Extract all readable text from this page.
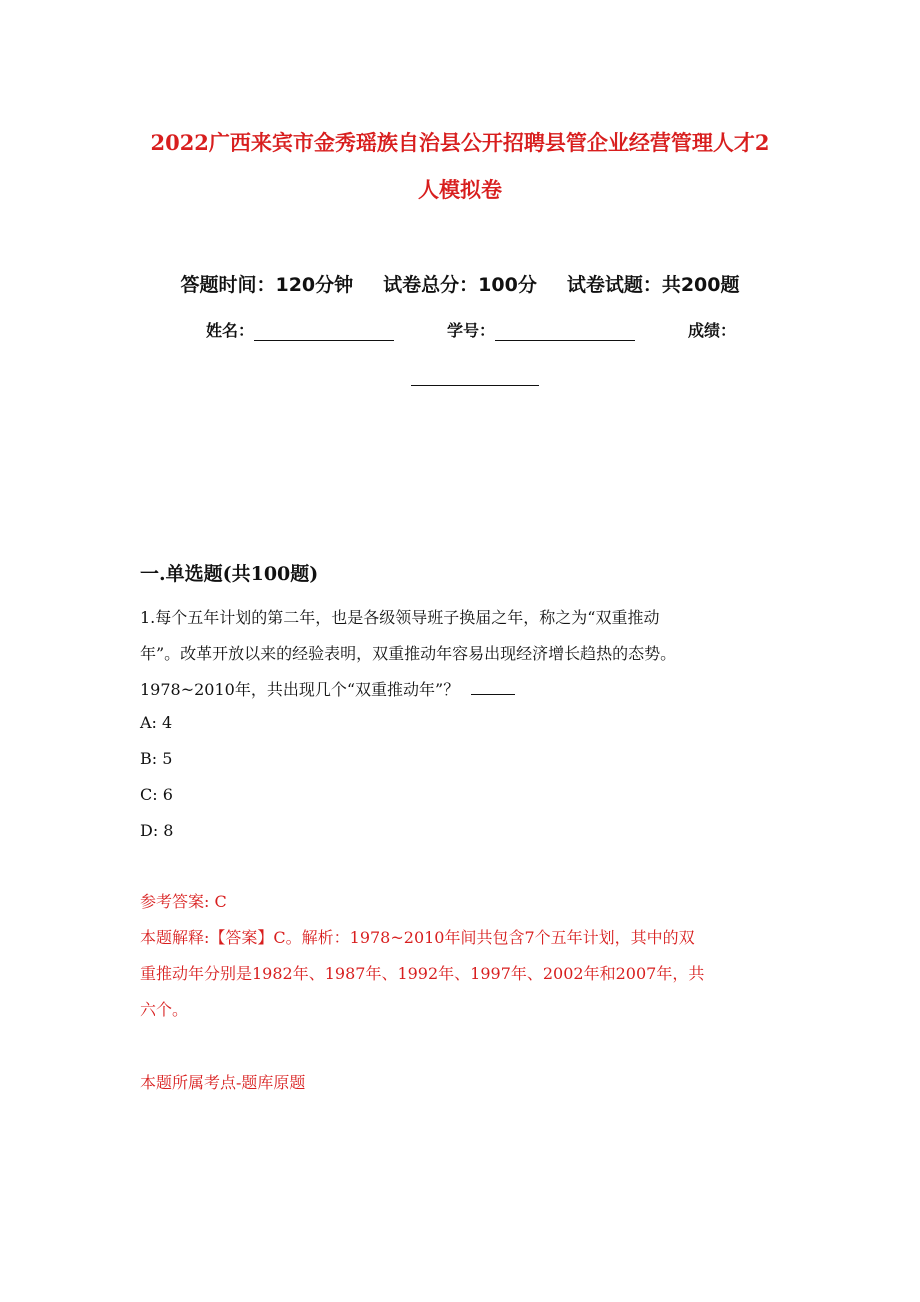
2022广西来宾市金秀瑶族自治县公开招聘县管企业经营管理人才2
人模拟卷
答题时间：120分钟 试卷总分：100分 试卷试题：共200题
姓名：	学号：	成绩：
一.单选题(共100题)
1.每个五年计划的第二年，也是各级领导班子换届之年，称之为“双重推动
年”。改革开放以来的经验表明，双重推动年容易出现经济增长趋热的态势。
1978~2010年，共出现几个“双重推动年”？
A: 4
B: 5
C: 6
D: 8
参考答案: C
本题解释:【答案】C。解析：1978~2010年间共包含7个五年计划，其中的双
重推动年分别是1982年、1987年、1992年、1997年、2002年和2007年，共
六个。
本题所属考点-题库原题
